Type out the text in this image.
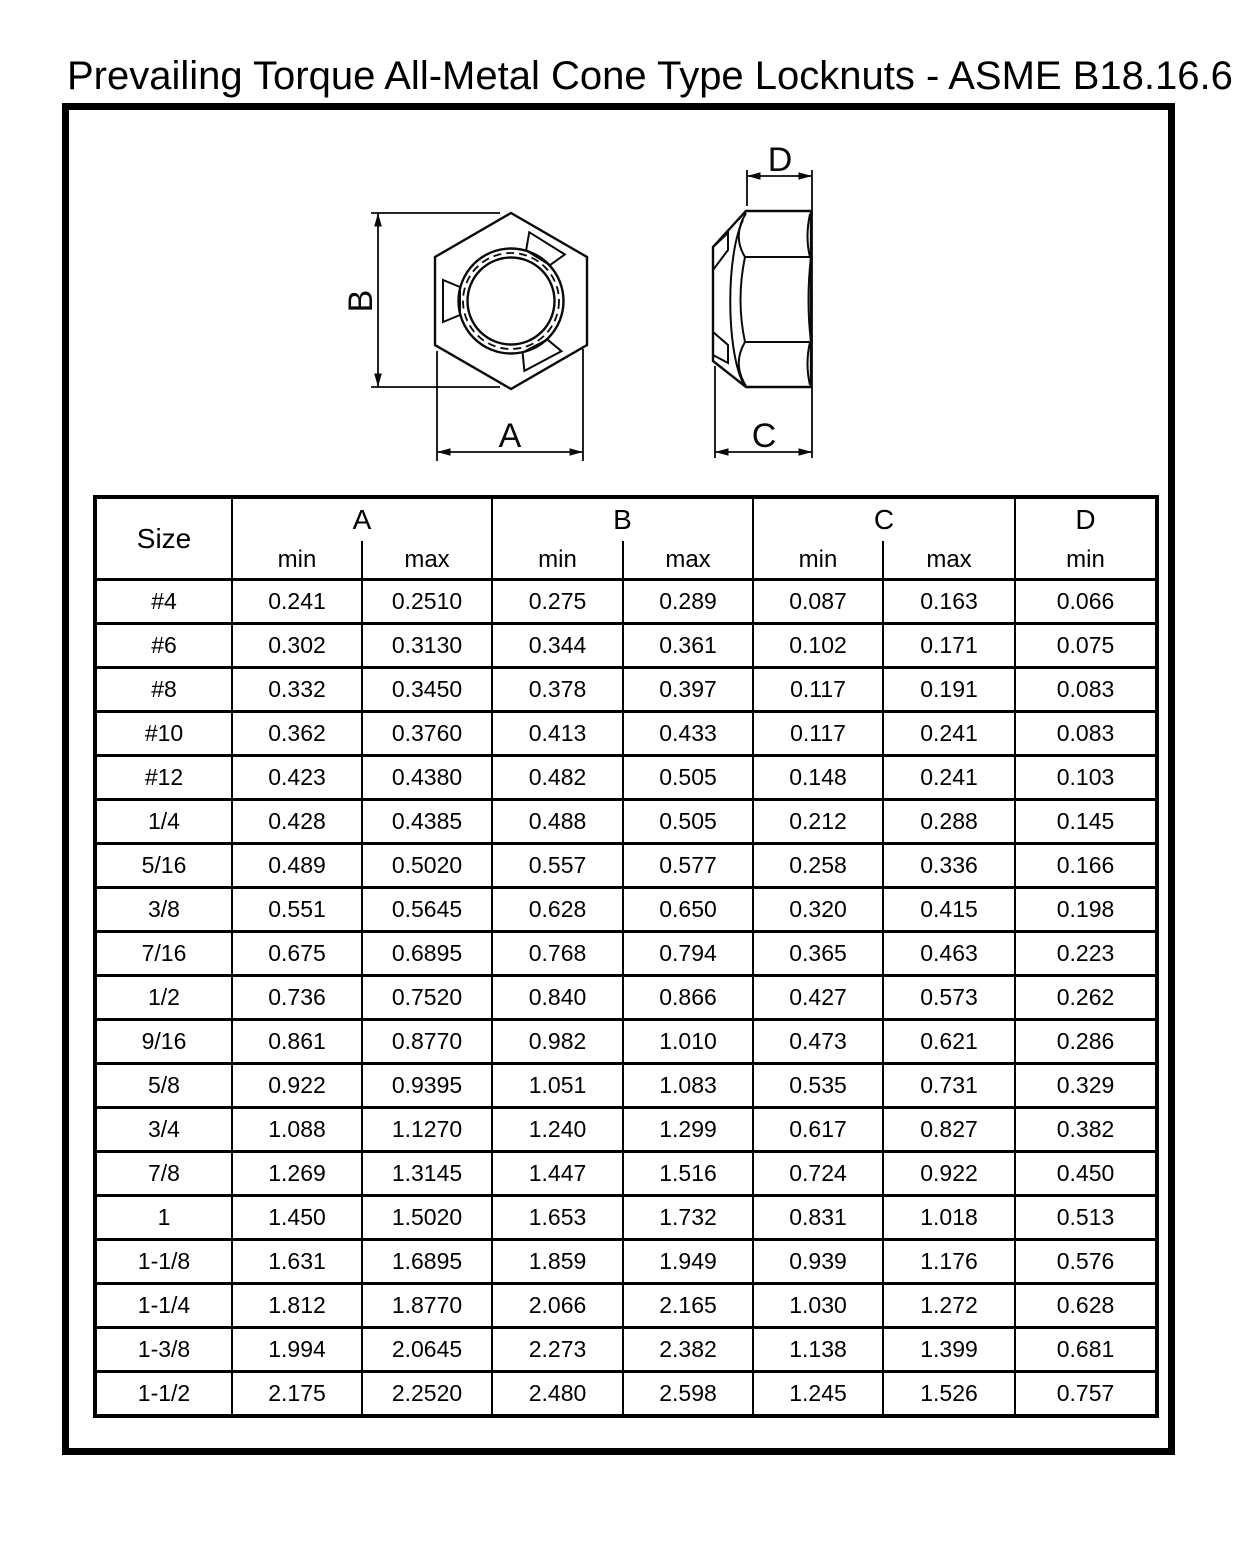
Prevailing Torque All-Metal Cone Type Locknuts - ASME B18.16.6
B
A
D
C
Size	A		B		C		D
	min	max	min	max	min	max	min
#4	0.241	0.2510	0.275	0.289	0.087	0.163	0.066
#6	0.302	0.3130	0.344	0.361	0.102	0.171	0.075
#8	0.332	0.3450	0.378	0.397	0.117	0.191	0.083
#10	0.362	0.3760	0.413	0.433	0.117	0.241	0.083
#12	0.423	0.4380	0.482	0.505	0.148	0.241	0.103
1/4	0.428	0.4385	0.488	0.505	0.212	0.288	0.145
5/16	0.489	0.5020	0.557	0.577	0.258	0.336	0.166
3/8	0.551	0.5645	0.628	0.650	0.320	0.415	0.198
7/16	0.675	0.6895	0.768	0.794	0.365	0.463	0.223
1/2	0.736	0.7520	0.840	0.866	0.427	0.573	0.262
9/16	0.861	0.8770	0.982	1.010	0.473	0.621	0.286
5/8	0.922	0.9395	1.051	1.083	0.535	0.731	0.329
3/4	1.088	1.1270	1.240	1.299	0.617	0.827	0.382
7/8	1.269	1.3145	1.447	1.516	0.724	0.922	0.450
1	1.450	1.5020	1.653	1.732	0.831	1.018	0.513
1-1/8	1.631	1.6895	1.859	1.949	0.939	1.176	0.576
1-1/4	1.812	1.8770	2.066	2.165	1.030	1.272	0.628
1-3/8	1.994	2.0645	2.273	2.382	1.138	1.399	0.681
1-1/2	2.175	2.2520	2.480	2.598	1.245	1.526	0.757
